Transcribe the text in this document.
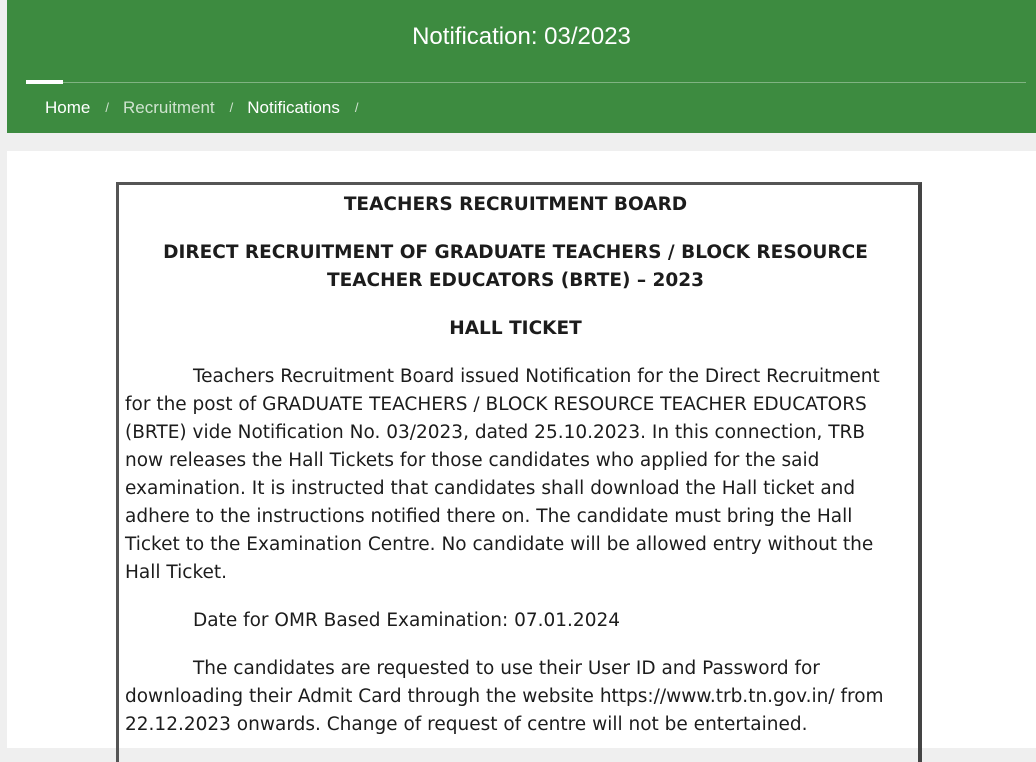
Notification: 03/2023
Home / Recruitment / Notifications /

TEACHERS RECRUITMENT BOARD

DIRECT RECRUITMENT OF GRADUATE TEACHERS / BLOCK RESOURCE TEACHER EDUCATORS (BRTE) – 2023

HALL TICKET

Teachers Recruitment Board issued Notification for the Direct Recruitment for the post of GRADUATE TEACHERS / BLOCK RESOURCE TEACHER EDUCATORS (BRTE) vide Notification No. 03/2023, dated 25.10.2023. In this connection, TRB now releases the Hall Tickets for those candidates who applied for the said examination. It is instructed that candidates shall download the Hall ticket and adhere to the instructions notified there on. The candidate must bring the Hall Ticket to the Examination Centre. No candidate will be allowed entry without the Hall Ticket.

Date for OMR Based Examination: 07.01.2024

The candidates are requested to use their User ID and Password for downloading their Admit Card through the website https://www.trb.tn.gov.in/ from 22.12.2023 onwards. Change of request of centre will not be entertained.
